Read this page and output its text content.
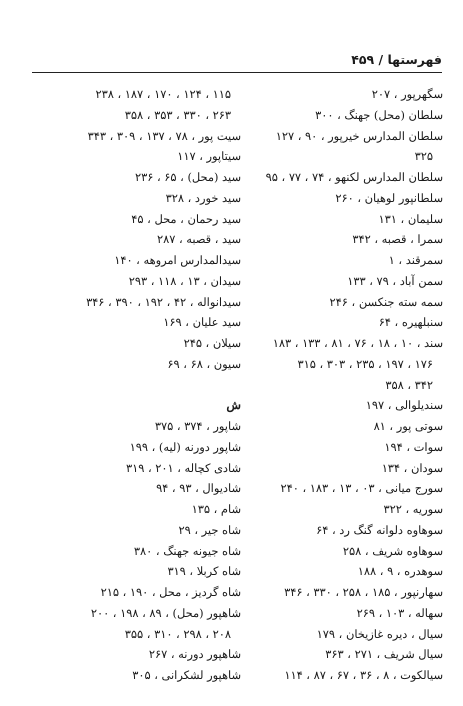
فهرستها / ۴۵۹
سگھرپور ، ۲۰۷
سلطان (محل) جهنگ ، ۳۰۰
سلطان المدارس خیرپور ، ۹۰ ، ۱۲۷
۳۲۵
سلطان المدارس لکنهو ، ۷۴ ، ۷۷ ، ۹۵
سلطانپور لوهیان ، ۲۶۰
سلیمان ، ۱۳۱
سمرا ، قصبه ، ۳۴۲
سمرقند ، ۱
سمن آباد ، ۷۹ ، ۱۳۳
سمه سته جنکسن ، ۲۴۶
سنبلهیره ، ۶۴
سند ، ۱۰ ، ۱۸ ، ۷۶ ، ۸۱ ، ۱۳۳ ، ۱۸۳
۱۷۶ ، ۱۹۷ ، ۲۳۵ ، ۳۰۳ ، ۳۱۵
۳۴۲ ، ۳۵۸
سندیلوالی ، ۱۹۷
سوتی پور ، ۸۱
سوات ، ۱۹۴
سودان ، ۱۳۴
سورج میانی ، ۰۳ ، ۱۳ ، ۱۸۳ ، ۲۴۰
سوریه ، ۳۲۲
سوهاوه دلوانه گنگ رد ، ۶۴
سوهاوه شریف ، ۲۵۸
سوهدره ، ۹ ، ۱۸۸
سهارنپور ، ۱۸۵ ، ۲۵۸ ، ۳۳۰ ، ۳۴۶
سهاله ، ۱۰۳ ، ۲۶۹
سیال ، دیره غازیخان ، ۱۷۹
سیال شریف ، ۲۷۱ ، ۳۶۳
سیالکوت ، ۸ ، ۳۶ ، ۶۷ ، ۸۷ ، ۱۱۴
۱۱۵ ، ۱۲۴ ، ۱۷۰ ، ۱۸۷ ، ۲۳۸
۲۶۳ ، ۳۳۰ ، ۳۵۳ ، ۳۵۸
سیت پور ، ۷۸ ، ۱۳۷ ، ۳۰۹ ، ۳۴۳
سیتاپور ، ۱۱۷
سید (محل) ، ۶۵ ، ۲۳۶
سید خورد ، ۳۲۸
سید رحمان ، محل ، ۴۵
سید ، قصبه ، ۲۸۷
سیدالمدارس امروهه ، ۱۴۰
سیدان ، ۱۳ ، ۱۱۸ ، ۲۹۳
سیدانواله ، ۴۲ ، ۱۹۲ ، ۳۹۰ ، ۳۴۶
سید علیان ، ۱۶۹
سیلان ، ۲۴۵
سیون ، ۶۸ ، ۶۹
ش
شاپور ، ۳۷۴ ، ۳۷۵
شاپور دورنه (لیه) ، ۱۹۹
شادی کچاله ، ۲۰۱ ، ۳۱۹
شادیوال ، ۹۳ ، ۹۴
شام ، ۱۳۵
شاه جیر ، ۲۹
شاه جیونه جهنگ ، ۳۸۰
شاه کربلا ، ۳۱۹
شاه گردیز ، محل ، ۱۹۰ ، ۲۱۵
شاهپور (محل) ، ۸۹ ، ۱۹۸ ، ۲۰۰
۲۰۸ ، ۲۹۸ ، ۳۱۰ ، ۳۵۵
شاهپور دورنه ، ۲۶۷
شاهپور لشکرانی ، ۳۰۵
